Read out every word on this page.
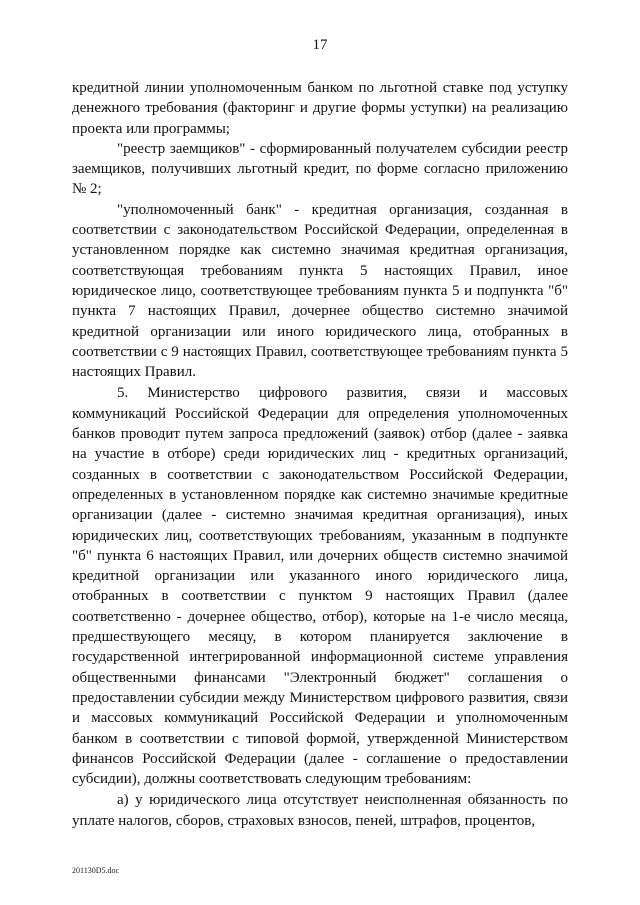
17

кредитной линии уполномоченным банком по льготной ставке под уступку денежного требования (факторинг и другие формы уступки) на реализацию проекта или программы;

"реестр заемщиков" - сформированный получателем субсидии реестр заемщиков, получивших льготный кредит, по форме согласно приложению № 2;

"уполномоченный банк" - кредитная организация, созданная в соответствии с законодательством Российской Федерации, определенная в установленном порядке как системно значимая кредитная организация, соответствующая требованиям пункта 5 настоящих Правил, иное юридическое лицо, соответствующее требованиям пункта 5 и подпункта "б" пункта 7 настоящих Правил, дочернее общество системно значимой кредитной организации или иного юридического лица, отобранных в соответствии с 9 настоящих Правил, соответствующее требованиям пункта 5 настоящих Правил.

5. Министерство цифрового развития, связи и массовых коммуникаций Российской Федерации для определения уполномоченных банков проводит путем запроса предложений (заявок) отбор (далее - заявка на участие в отборе) среди юридических лиц - кредитных организаций, созданных в соответствии с законодательством Российской Федерации, определенных в установленном порядке как системно значимые кредитные организации (далее - системно значимая кредитная организация), иных юридических лиц, соответствующих требованиям, указанным в подпункте "б" пункта 6 настоящих Правил, или дочерних обществ системно значимой кредитной организации или указанного иного юридического лица, отобранных в соответствии с пунктом 9 настоящих Правил (далее соответственно - дочернее общество, отбор), которые на 1-е число месяца, предшествующего месяцу, в котором планируется заключение в государственной интегрированной информационной системе управления общественными финансами "Электронный бюджет" соглашения о предоставлении субсидии между Министерством цифрового развития, связи и массовых коммуникаций Российской Федерации и уполномоченным банком в соответствии с типовой формой, утвержденной Министерством финансов Российской Федерации (далее - соглашение о предоставлении субсидии), должны соответствовать следующим требованиям:

а) у юридического лица отсутствует неисполненная обязанность по уплате налогов, сборов, страховых взносов, пеней, штрафов, процентов,

201130D5.doc
